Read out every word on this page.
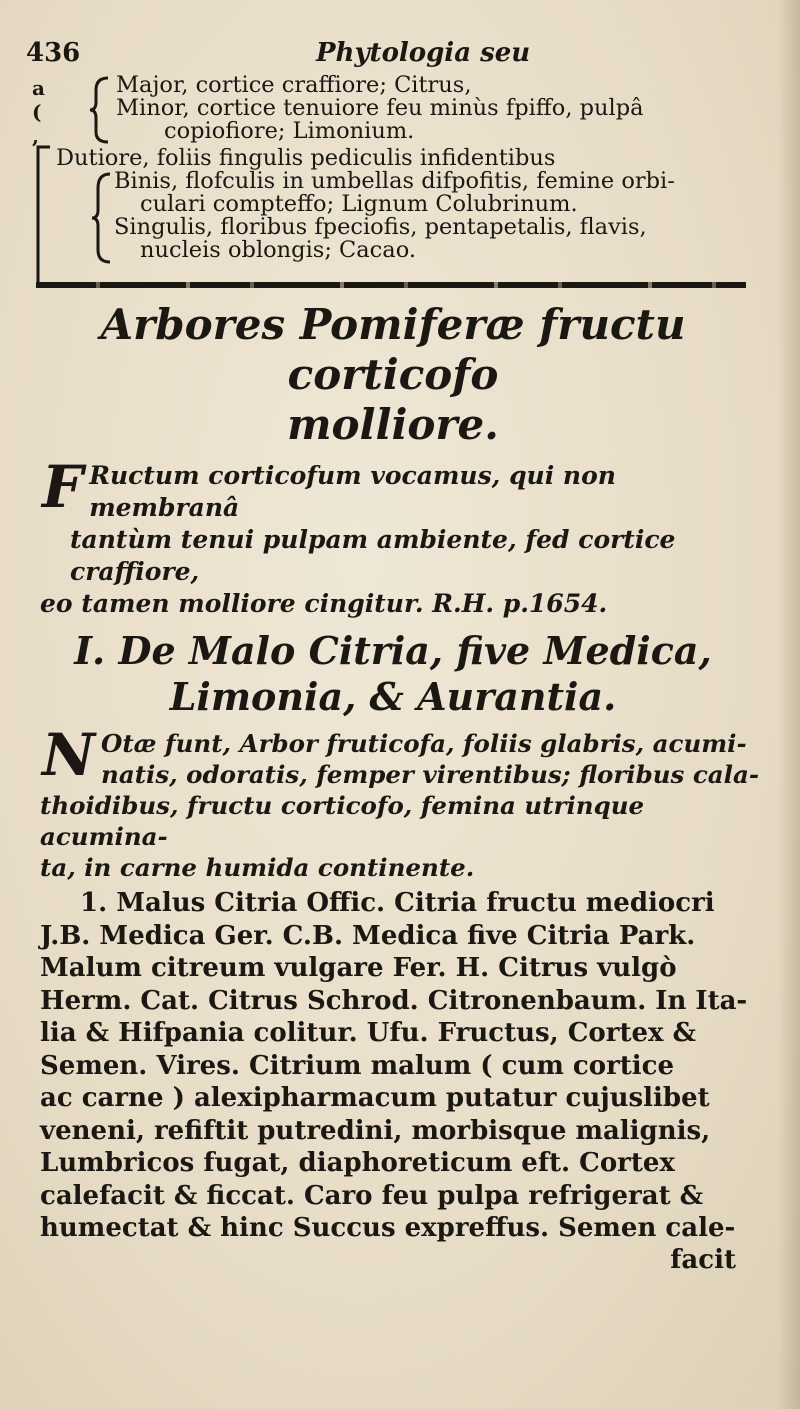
436	Phytologia seu
a
(
,
Major, cortice craffiore; Citrus,
Minor, cortice tenuiore feu minùs fpiffo, pulpâ
copiofiore; Limonium.
Dutiore, foliis fingulis pediculis infidentibus
Binis, flofculis in umbellas difpofitis, femine orbi-
culari compteffo; Lignum Colubrinum.
Singulis, floribus fpeciofis, pentapetalis, flavis,
nucleis oblongis; Cacao.
Arbores Pomiferæ fructu corticofo
molliore.
F Ructum corticofum vocamus, qui non membranâ
tantùm tenui pulpam ambiente, fed cortice craffiore,
eo tamen molliore cingitur. R.H. p.1654.
I. De Malo Citria, five Medica,
Limonia, & Aurantia.
N Otæ funt, Arbor fruticofa, foliis glabris, acumi-
natis, odoratis, femper virentibus; floribus cala-
thoidibus, fructu corticofo, femina utrinque acumina-
ta, in carne humida continente.
1. Malus Citria Offic. Citria fructu mediocri
J.B. Medica Ger. C.B. Medica five Citria Park.
Malum citreum vulgare Fer. H. Citrus vulgò
Herm. Cat. Citrus Schrod. Citronenbaum. In Ita-
lia & Hifpania colitur. Ufu. Fructus, Cortex &
Semen. Vires. Citrium malum ( cum cortice
ac carne ) alexipharmacum putatur cujuslibet
veneni, refiftit putredini, morbisque malignis,
Lumbricos fugat, diaphoreticum eft. Cortex
calefacit & ficcat. Caro feu pulpa refrigerat &
humectat & hinc Succus expreffus. Semen cale-
facit
